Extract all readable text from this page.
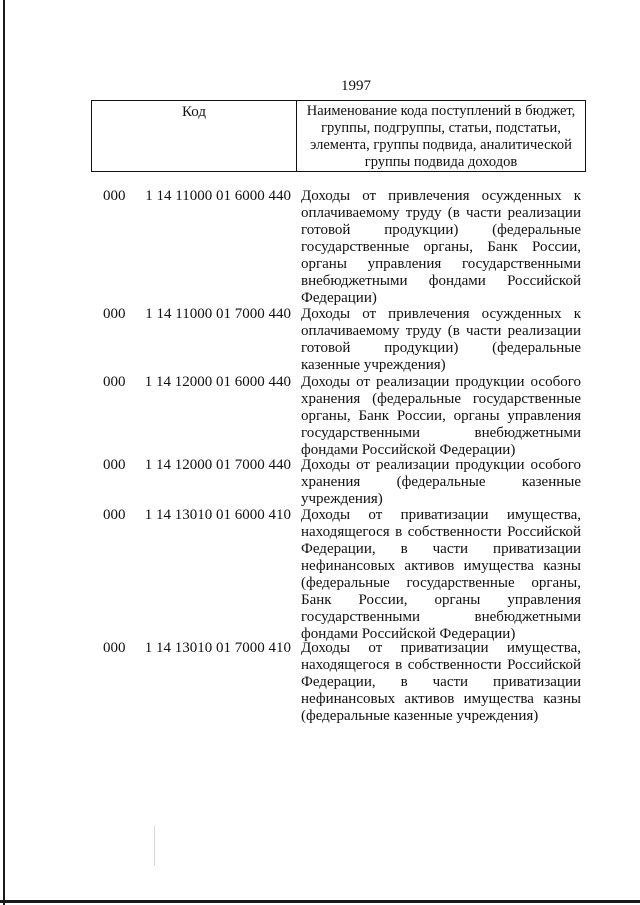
1997
Код	Наименование кода поступлений в бюджет, группы, подгруппы, статьи, подстатьи, элемента, группы подвида, аналитической группы подвида доходов
000 1 14 11000 01 6000 440 Доходы от привлечения осужденных к оплачиваемому труду (в части реализации готовой продукции) (федеральные государственные органы, Банк России, органы управления государственными внебюджетными фондами Российской Федерации)
000 1 14 11000 01 7000 440 Доходы от привлечения осужденных к оплачиваемому труду (в части реализации готовой продукции) (федеральные казенные учреждения)
000 1 14 12000 01 6000 440 Доходы от реализации продукции особого хранения (федеральные государственные органы, Банк России, органы управления государственными внебюджетными фондами Российской Федерации)
000 1 14 12000 01 7000 440 Доходы от реализации продукции особого хранения (федеральные казенные учреждения)
000 1 14 13010 01 6000 410 Доходы от приватизации имущества, находящегося в собственности Российской Федерации, в части приватизации нефинансовых активов имущества казны (федеральные государственные органы, Банк России, органы управления государственными внебюджетными фондами Российской Федерации)
000 1 14 13010 01 7000 410 Доходы от приватизации имущества, находящегося в собственности Российской Федерации, в части приватизации нефинансовых активов имущества казны (федеральные казенные учреждения)
